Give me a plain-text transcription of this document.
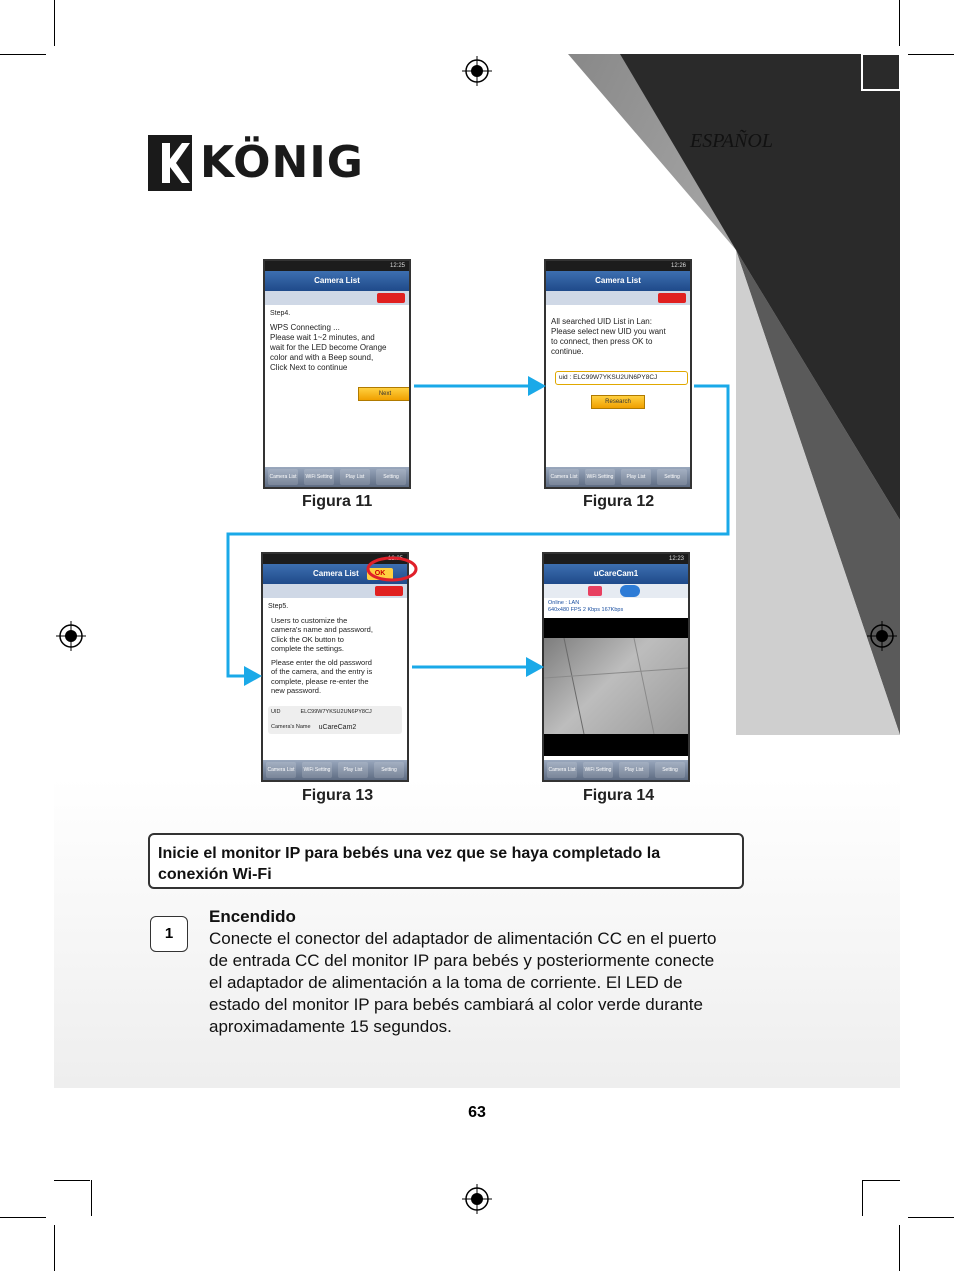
KÖNIG	ESPAÑOL
12:25
Camera List
Step4.
WPS Connecting ...
Please wait 1~2 minutes, and
wait for the LED become Orange
color and with a Beep sound,
Click Next to continue
Next
Camera List	WiFi Setting	Play List	Setting
Figura 11
12:26
Camera List
All searched UID List in Lan:
Please select new UID you want
to connect, then press OK to
continue.
uid : ELC99W7YKSU2UN6PY8CJ
Research
Camera List	WiFi Setting	Play List	Setting
Figura 12
12:25
Camera List	OK
Step5.
Users to customize the
camera's name and password,
Click the OK button to
complete the settings.
Please enter the old password
of the camera, and the entry is
complete, please re-enter the
new password.
UID	ELC99W7YKSU2UN6PY8CJ
Camera's Name uCareCam2
Camera List	WiFi Setting	Play List	Setting
Figura 13
12:23
uCareCam1
Online : LAN
640x480 FPS 2 Kbps 167Kbps
Camera List	WiFi Setting	Play List	Setting
Figura 14
Inicie el monitor IP para bebés una vez que se haya completado la conexión Wi-Fi
1
Encendido
Conecte el conector del adaptador de alimentación CC en el puerto de entrada CC del monitor IP para bebés y posteriormente conecte el adaptador de alimentación a la toma de corriente. El LED de estado del monitor IP para bebés cambiará al color verde durante aproximadamente 15 segundos.
63
